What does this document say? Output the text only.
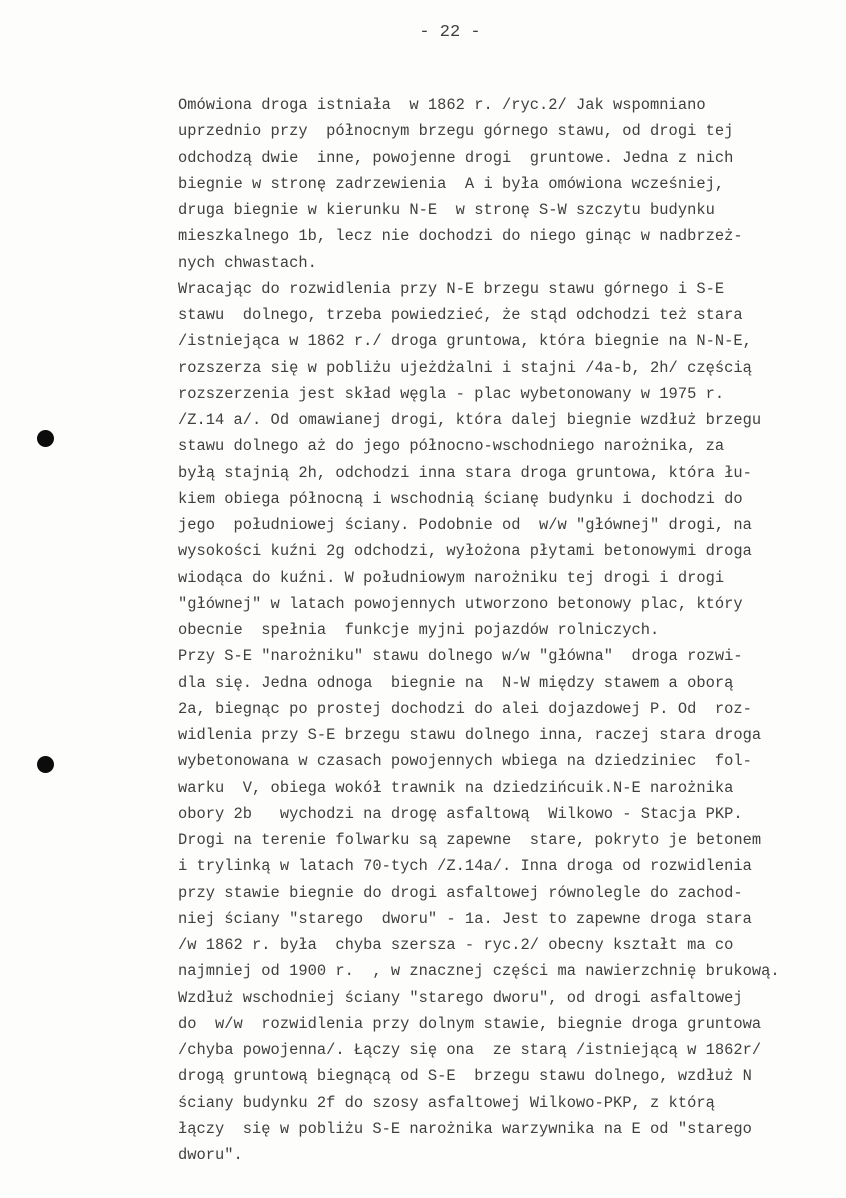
- 22 -
Omówiona droga istniała  w 1862 r. /ryc.2/ Jak wspomniano
uprzednio przy  północnym brzegu górnego stawu, od drogi tej
odchodzą dwie  inne, powojenne drogi  gruntowe. Jedna z nich
biegnie w stronę zadrzewienia  A i była omówiona wcześniej,
druga biegnie w kierunku N-E  w stronę S-W szczytu budynku
mieszkalnego 1b, lecz nie dochodzi do niego ginąc w nadbrzeż-
nych chwastach.
Wracając do rozwidlenia przy N-E brzegu stawu górnego i S-E
stawu  dolnego, trzeba powiedzieć, że stąd odchodzi też stara
/istniejąca w 1862 r./ droga gruntowa, która biegnie na N-N-E,
rozszerza się w pobliżu ujeżdżalni i stajni /4a-b, 2h/ częścią
rozszerzenia jest skład węgla - plac wybetonowany w 1975 r.
/Z.14 a/. Od omawianej drogi, która dalej biegnie wzdłuż brzegu
stawu dolnego aż do jego północno-wschodniego narożnika, za
byłą stajnią 2h, odchodzi inna stara droga gruntowa, która łu-
kiem obiega północną i wschodnią ścianę budynku i dochodzi do
jego  południowej ściany. Podobnie od  w/w "głównej" drogi, na
wysokości kuźni 2g odchodzi, wyłożona płytami betonowymi droga
wiodąca do kuźni. W południowym narożniku tej drogi i drogi
"głównej" w latach powojennych utworzono betonowy plac, który
obecnie  spełnia  funkcje myjni pojazdów rolniczych.
Przy S-E "narożniku" stawu dolnego w/w "główna"  droga rozwi-
dla się. Jedna odnoga  biegnie na  N-W między stawem a oborą
2a, biegnąc po prostej dochodzi do alei dojazdowej P. Od  roz-
widlenia przy S-E brzegu stawu dolnego inna, raczej stara droga
wybetonowana w czasach powojennych wbiega na dziedziniec  fol-
warku  V, obiega wokół trawnik na dziedzińcuik.N-E narożnika
obory 2b   wychodzi na drogę asfaltową  Wilkowo - Stacja PKP.
Drogi na terenie folwarku są zapewne  stare, pokryto je betonem
i trylinką w latach 70-tych /Z.14a/. Inna droga od rozwidlenia
przy stawie biegnie do drogi asfaltowej równolegle do zachod-
niej ściany "starego  dworu" - 1a. Jest to zapewne droga stara
/w 1862 r. była  chyba szersza - ryc.2/ obecny kształt ma co
najmniej od 1900 r.  , w znacznej części ma nawierzchnię brukową.
Wzdłuż wschodniej ściany "starego dworu", od drogi asfaltowej
do  w/w  rozwidlenia przy dolnym stawie, biegnie droga gruntowa
/chyba powojenna/. Łączy się ona  ze starą /istniejącą w 1862r/
drogą gruntową biegnącą od S-E  brzegu stawu dolnego, wzdłuż N
ściany budynku 2f do szosy asfaltowej Wilkowo-PKP, z którą
łączy  się w pobliżu S-E narożnika warzywnika na E od "starego
dworu".
